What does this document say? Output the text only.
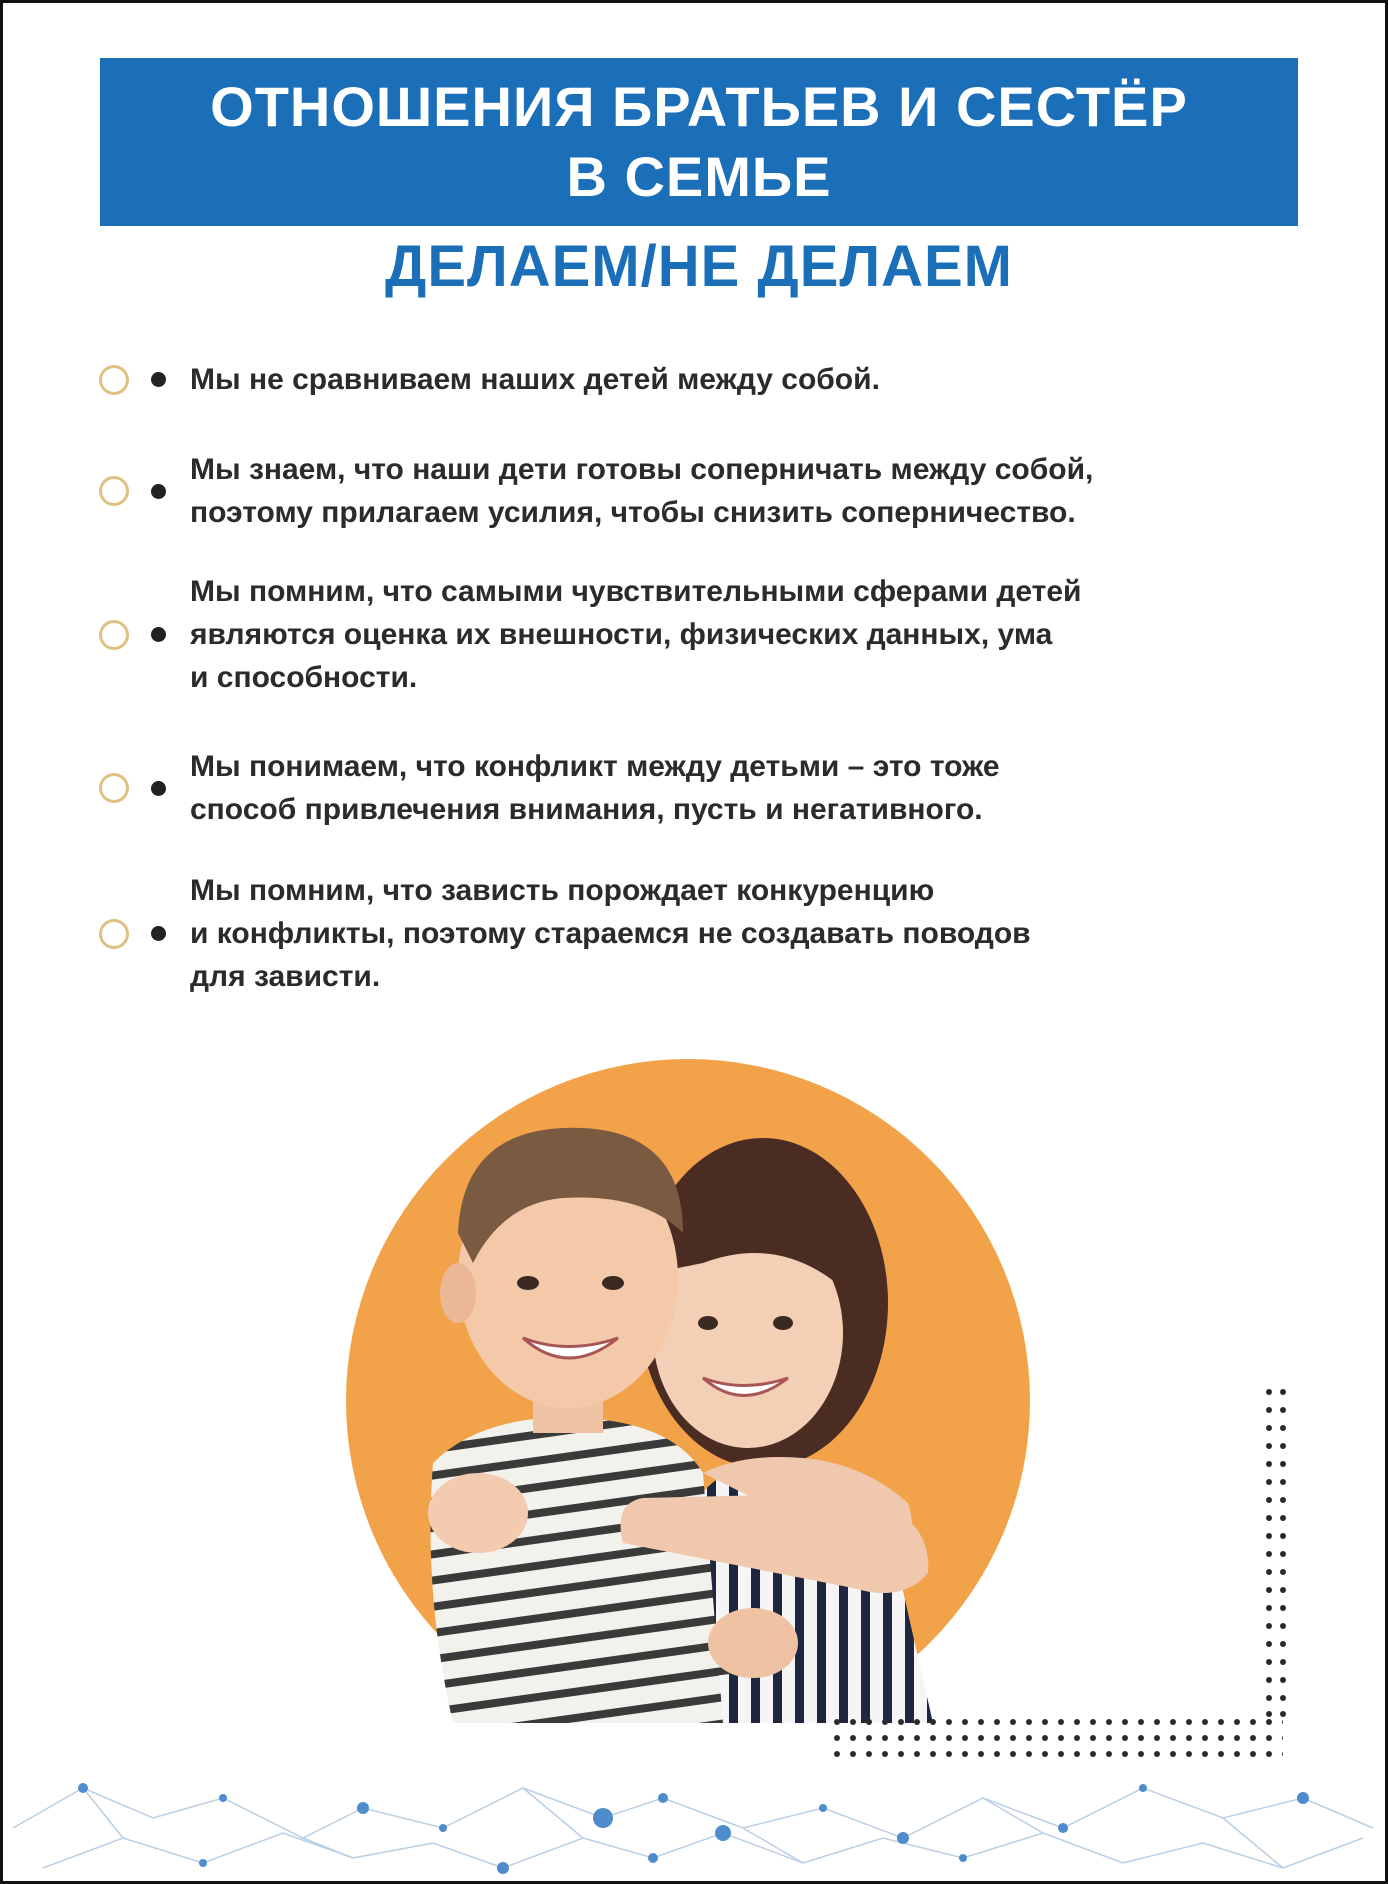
ОТНОШЕНИЯ БРАТЬЕВ И СЕСТЁР
В СЕМЬЕ
ДЕЛАЕМ/НЕ ДЕЛАЕМ
Мы не сравниваем наших детей между собой.
Мы знаем, что наши дети готовы соперничать между собой,
поэтому прилагаем усилия, чтобы снизить соперничество.
Мы помним, что самыми чувствительными сферами детей
являются оценка их внешности, физических данных, ума
и способности.
Мы понимаем, что конфликт между детьми – это тоже
способ привлечения внимания, пусть и негативного.
Мы помним, что зависть порождает конкуренцию
и конфликты, поэтому стараемся не создавать поводов
для зависти.
